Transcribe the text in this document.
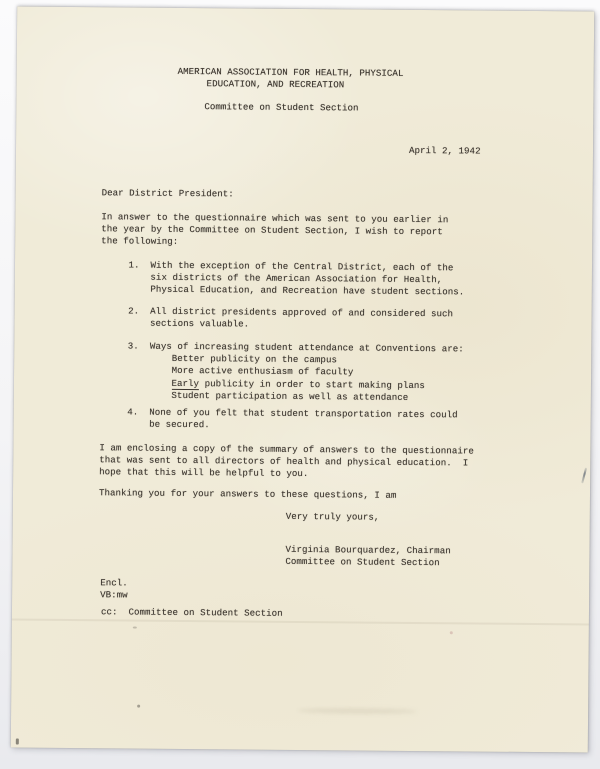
AMERICAN ASSOCIATION FOR HEALTH, PHYSICAL
EDUCATION, AND RECREATION
Committee on Student Section
April 2, 1942
Dear District President:
In answer to the questionnaire which was sent to you earlier in
the year by the Committee on Student Section, I wish to report
the following:
1.  With the exception of the Central District, each of the
six districts of the American Association for Health,
Physical Education, and Recreation have student sections.
2.  All district presidents approved of and considered such
sections valuable.
3.  Ways of increasing student attendance at Conventions are:
Better publicity on the campus
More active enthusiasm of faculty
Early publicity in order to start making plans
Student participation as well as attendance
4.  None of you felt that student transportation rates could
be secured.
I am enclosing a copy of the summary of answers to the questionnaire
that was sent to all directors of health and physical education.  I
hope that this will be helpful to you.
Thanking you for your answers to these questions, I am
Very truly yours,
Virginia Bourquardez, Chairman
Committee on Student Section
Encl.
VB:mw
cc:  Committee on Student Section
